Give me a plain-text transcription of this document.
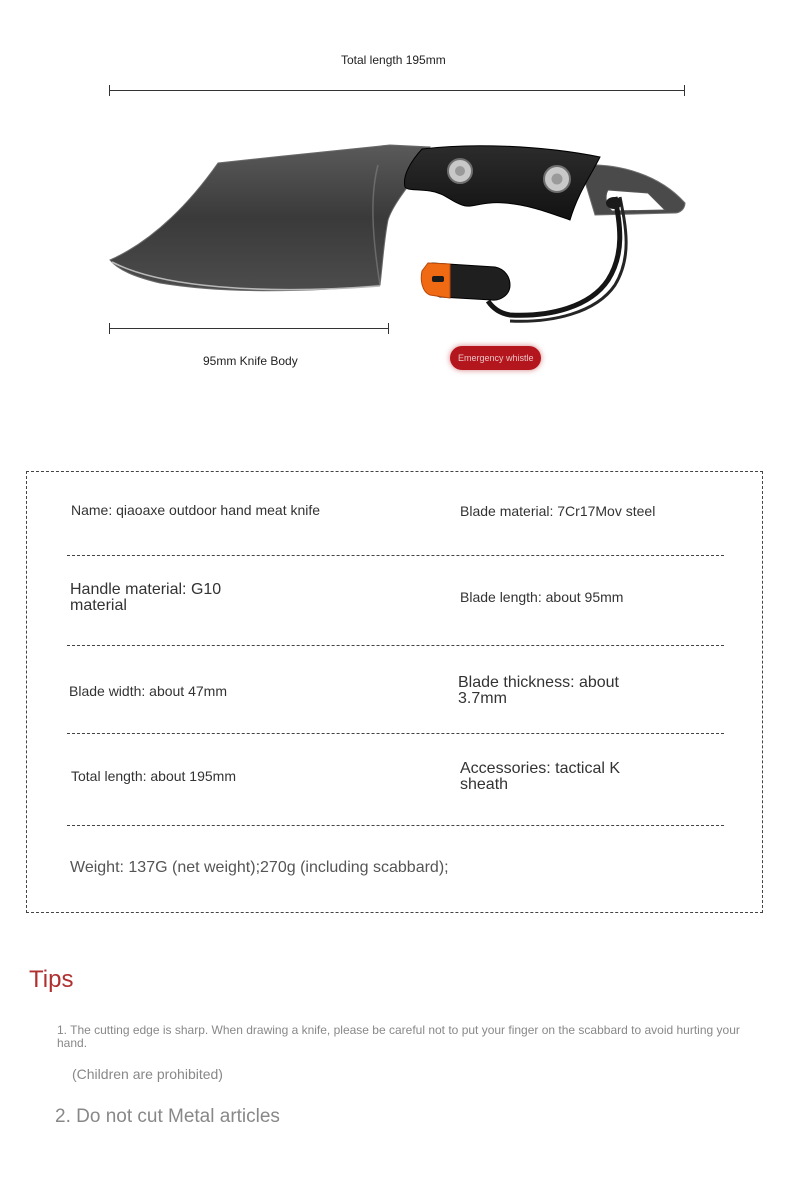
Total length 195mm
95mm Knife Body	Emergency whistle
Name: qiaoaxe outdoor hand meat knife	Blade material: 7Cr17Mov steel
Handle material: G10 material	Blade length: about 95mm
Blade width: about 47mm	Blade thickness: about 3.7mm
Total length: about 195mm	Accessories: tactical K sheath
Weight: 137G (net weight);270g (including scabbard);
Tips
1. The cutting edge is sharp. When drawing a knife, please be careful not to put your finger on the scabbard to avoid hurting your hand.
(Children are prohibited)
2. Do not cut Metal articles
